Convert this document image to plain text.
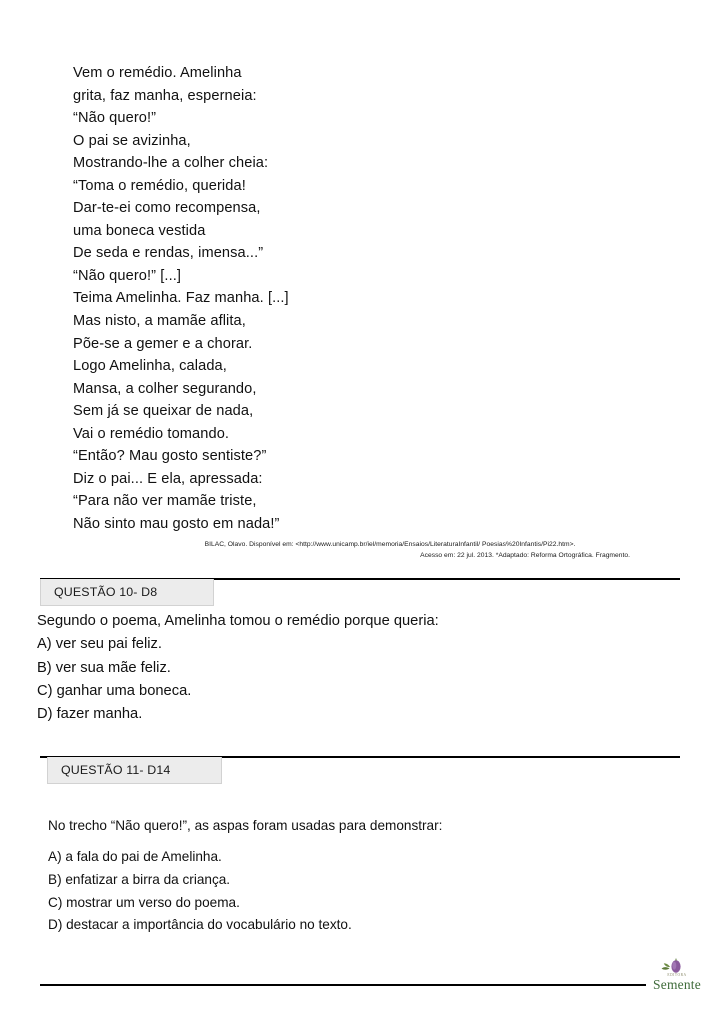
Vem o remédio. Amelinha
grita, faz manha, esperneia:
“Não quero!”
O pai se avizinha,
Mostrando-lhe a colher cheia:
“Toma o remédio, querida!
Dar-te-ei como recompensa,
uma boneca vestida
De seda e rendas, imensa...”
“Não quero!” [...]
Teima Amelinha. Faz manha. [...]
Mas nisto, a mamãe aflita,
Põe-se a gemer e a chorar.
Logo Amelinha, calada,
Mansa, a colher segurando,
Sem já se queixar de nada,
Vai o remédio tomando.
“Então? Mau gosto sentiste?”
Diz o pai... E ela, apressada:
“Para não ver mamãe triste,
Não sinto mau gosto em nada!”
BILAC, Olavo. Disponível em: <http://www.unicamp.br/iel/memoria/Ensaios/LiteraturaInfantil/ Poesias%20Infantis/Pi22.htm>.
Acesso em: 22 jul. 2013. *Adaptado: Reforma Ortográfica. Fragmento.
QUESTÃO 10- D8
Segundo o poema, Amelinha tomou o remédio porque queria:
A) ver seu pai feliz.
B) ver sua mãe feliz.
C) ganhar uma boneca.
D) fazer manha.
QUESTÃO 11- D14
No trecho “Não quero!”, as aspas foram usadas para demonstrar:
A) a fala do pai de Amelinha.
B) enfatizar a birra da criança.
C) mostrar um verso do poema.
D) destacar a importância do vocabulário no texto.
EDITORA
Semente
